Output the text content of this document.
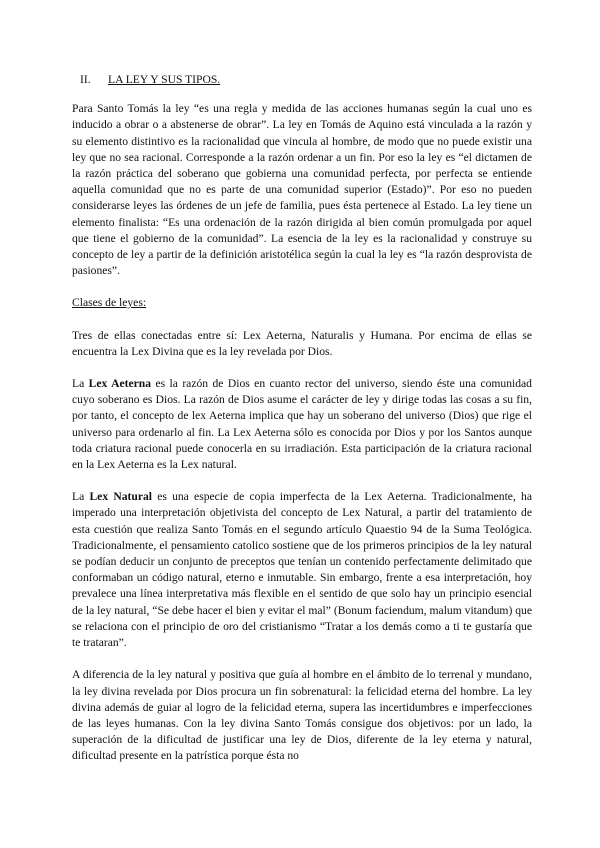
II. LA LEY Y SUS TIPOS.

Para Santo Tomás la ley “es una regla y medida de las acciones humanas según la cual uno es inducido a obrar o a abstenerse de obrar”. La ley en Tomás de Aquino está vinculada a la razón y su elemento distintivo es la racionalidad que vincula al hombre, de modo que no puede existir una ley que no sea racional. Corresponde a la razón ordenar a un fin. Por eso la ley es “el dictamen de la razón práctica del soberano que gobierna una comunidad perfecta, por perfecta se entiende aquella comunidad que no es parte de una comunidad superior (Estado)”. Por eso no pueden considerarse leyes las órdenes de un jefe de familia, pues ésta pertenece al Estado. La ley tiene un elemento finalista: “Es una ordenación de la razón dirigida al bien común promulgada por aquel que tiene el gobierno de la comunidad”. La esencia de la ley es la racionalidad y construye su concepto de ley a partir de la definición aristotélica según la cual la ley es “la razón desprovista de pasiones”.

Clases de leyes:

Tres de ellas conectadas entre sí: Lex Aeterna, Naturalis y Humana. Por encima de ellas se encuentra la Lex Divina que es la ley revelada por Dios.

La Lex Aeterna es la razón de Dios en cuanto rector del universo, siendo éste una comunidad cuyo soberano es Dios. La razón de Dios asume el carácter de ley y dirige todas las cosas a su fin, por tanto, el concepto de lex Aeterna implica que hay un soberano del universo (Dios) que rige el universo para ordenarlo al fin. La Lex Aeterna sólo es conocida por Dios y por los Santos aunque toda criatura racional puede conocerla en su irradiación. Esta participación de la criatura racional en la Lex Aeterna es la Lex natural.

La Lex Natural es una especie de copia imperfecta de la Lex Aeterna. Tradicionalmente, ha imperado una interpretación objetivista del concepto de Lex Natural, a partir del tratamiento de esta cuestión que realiza Santo Tomás en el segundo artículo Quaestio 94 de la Suma Teológica. Tradicionalmente, el pensamiento catolico sostiene que de los primeros principios de la ley natural se podían deducir un conjunto de preceptos que tenían un contenido perfectamente delimitado que conformaban un código natural, eterno e inmutable. Sin embargo, frente a esa interpretación, hoy prevalece una línea interpretativa más flexible en el sentido de que solo hay un principio esencial de la ley natural, “Se debe hacer el bien y evitar el mal” (Bonum faciendum, malum vitandum) que se relaciona con el principio de oro del cristianismo “Tratar a los demás como a ti te gustaría que te trataran”.

A diferencia de la ley natural y positiva que guía al hombre en el ámbito de lo terrenal y mundano, la ley divina revelada por Dios procura un fin sobrenatural: la felicidad eterna del hombre. La ley divina además de guiar al logro de la felicidad eterna, supera las incertidumbres e imperfecciones de las leyes humanas. Con la ley divina Santo Tomás consigue dos objetivos: por un lado, la superación de la dificultad de justificar una ley de Dios, diferente de la ley eterna y natural, dificultad presente en la patrística porque ésta no
